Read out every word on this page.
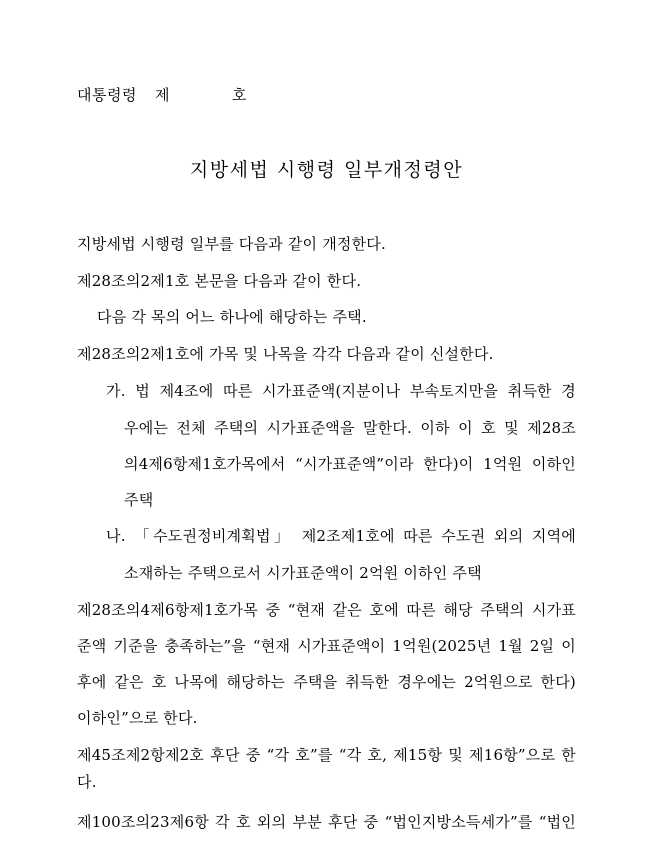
대통령령 제	호
지방세법 시행령 일부개정령안
지방세법 시행령 일부를 다음과 같이 개정한다.
제28조의2제1호 본문을 다음과 같이 한다.
다음 각 목의 어느 하나에 해당하는 주택.
제28조의2제1호에 가목 및 나목을 각각 다음과 같이 신설한다.
가. 법 제4조에 따른 시가표준액(지분이나 부속토지만을 취득한 경
우에는 전체 주택의 시가표준액을 말한다. 이하 이 호 및 제28조
의4제6항제1호가목에서 “시가표준액”이라 한다)이 1억원 이하인
주택
나. 「수도권정비계획법」 제2조제1호에 따른 수도권 외의 지역에
소재하는 주택으로서 시가표준액이 2억원 이하인 주택
제28조의4제6항제1호가목 중 “현재 같은 호에 따른 해당 주택의 시가표
준액 기준을 충족하는”을 “현재 시가표준액이 1억원(2025년 1월 2일 이
후에 같은 호 나목에 해당하는 주택을 취득한 경우에는 2억원으로 한다)
이하인”으로 한다.
제45조제2항제2호 후단 중 “각 호”를 “각 호, 제15항 및 제16항”으로 한
다.
제100조의23제6항 각 호 외의 부분 후단 중 “법인지방소득세가”를 “법인
